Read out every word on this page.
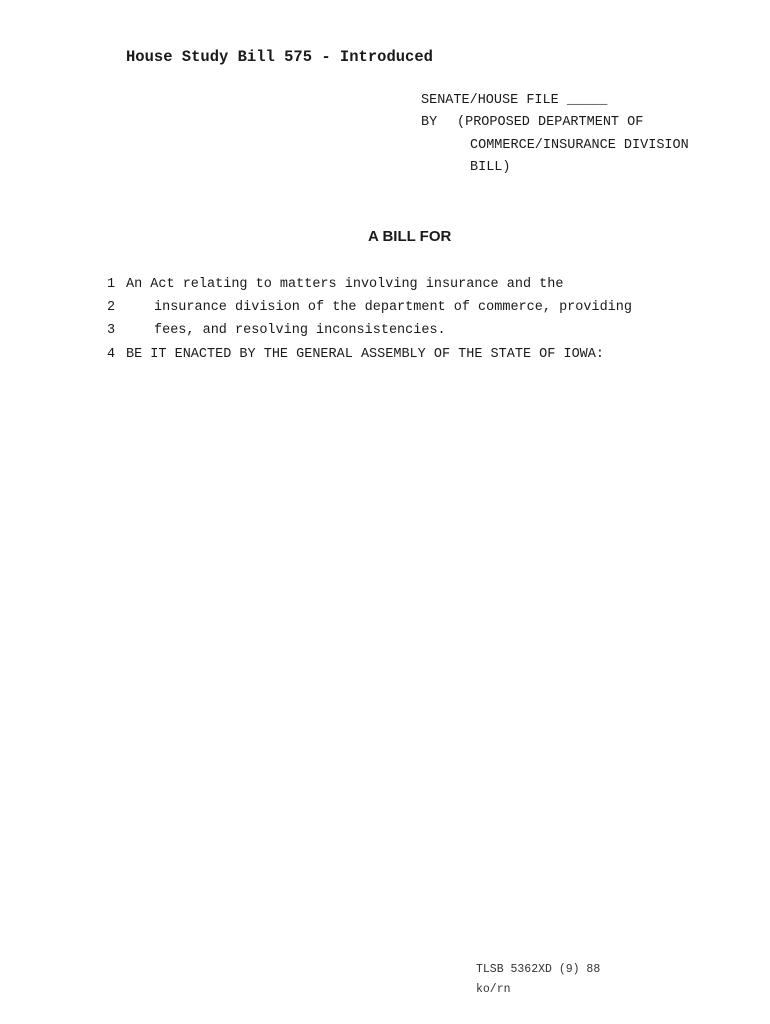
House Study Bill 575 - Introduced
SENATE/HOUSE FILE _____
BY	(PROPOSED DEPARTMENT OF
COMMERCE/INSURANCE DIVISION
BILL)
A BILL FOR
1 An Act relating to matters involving insurance and the
2	insurance division of the department of commerce, providing
3	fees, and resolving inconsistencies.
4 BE IT ENACTED BY THE GENERAL ASSEMBLY OF THE STATE OF IOWA:
TLSB 5362XD (9) 88
ko/rn
